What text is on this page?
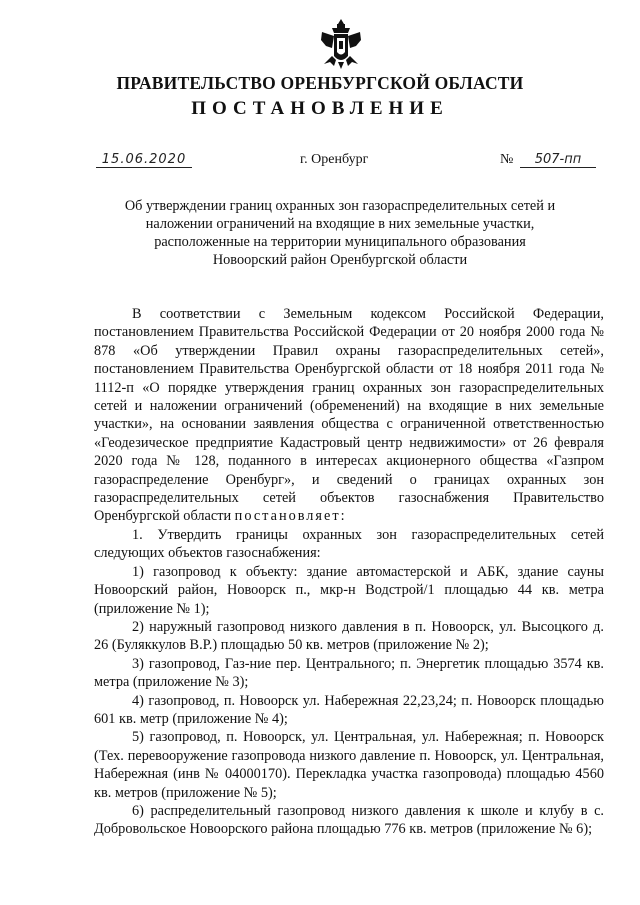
ПРАВИТЕЛЬСТВО ОРЕНБУРГСКОЙ ОБЛАСТИ
ПОСТАНОВЛЕНИЕ
15.06.2020	г. Оренбург	№	507-пп
Об утверждении границ охранных зон газораспределительных сетей и
наложении ограничений на входящие в них земельные участки,
расположенные на территории муниципального образования
Новоорский район Оренбургской области

В соответствии с Земельным кодексом Российской Федерации, постановлением Правительства Российской Федерации от 20 ноября 2000 года № 878 «Об утверждении Правил охраны газораспределительных сетей», постановлением Правительства Оренбургской области от 18 ноября 2011 года № 1112-п «О порядке утверждения границ охранных зон газораспределительных сетей и наложении ограничений (обременений) на входящие в них земельные участки», на основании заявления общества с ограниченной ответственностью «Геодезическое предприятие Кадастровый центр недвижимости» от 26 февраля 2020 года № 128, поданного в интересах акционерного общества «Газпром газораспределение Оренбург», и сведений о границах охранных зон газораспределительных сетей объектов газоснабжения Правительство Оренбургской области постановляет:

1. Утвердить границы охранных зон газораспределительных сетей следующих объектов газоснабжения:

1) газопровод к объекту: здание автомастерской и АБК, здание сауны Новоорский район, Новоорск п., мкр-н Водстрой/1 площадью 44 кв. метра (приложение № 1);

2) наружный газопровод низкого давления в п. Новоорск, ул. Высоцкого д. 26 (Буляккулов В.Р.) площадью 50 кв. метров (приложение № 2);

3) газопровод, Газ-ние пер. Центрального; п. Энергетик площадью 3574 кв. метра (приложение № 3);

4) газопровод, п. Новоорск ул. Набережная 22,23,24; п. Новоорск площадью 601 кв. метр (приложение № 4);

5) газопровод, п. Новоорск, ул. Центральная, ул. Набережная; п. Новоорск (Тех. перевооружение газопровода низкого давление п. Новоорск, ул. Центральная, Набережная (инв № 04000170). Перекладка участка газопровода) площадью 4560 кв. метров (приложение № 5);

6) распределительный газопровод низкого давления к школе и клубу в с. Добровольское Новоорского района площадью 776 кв. метров (приложение № 6);
